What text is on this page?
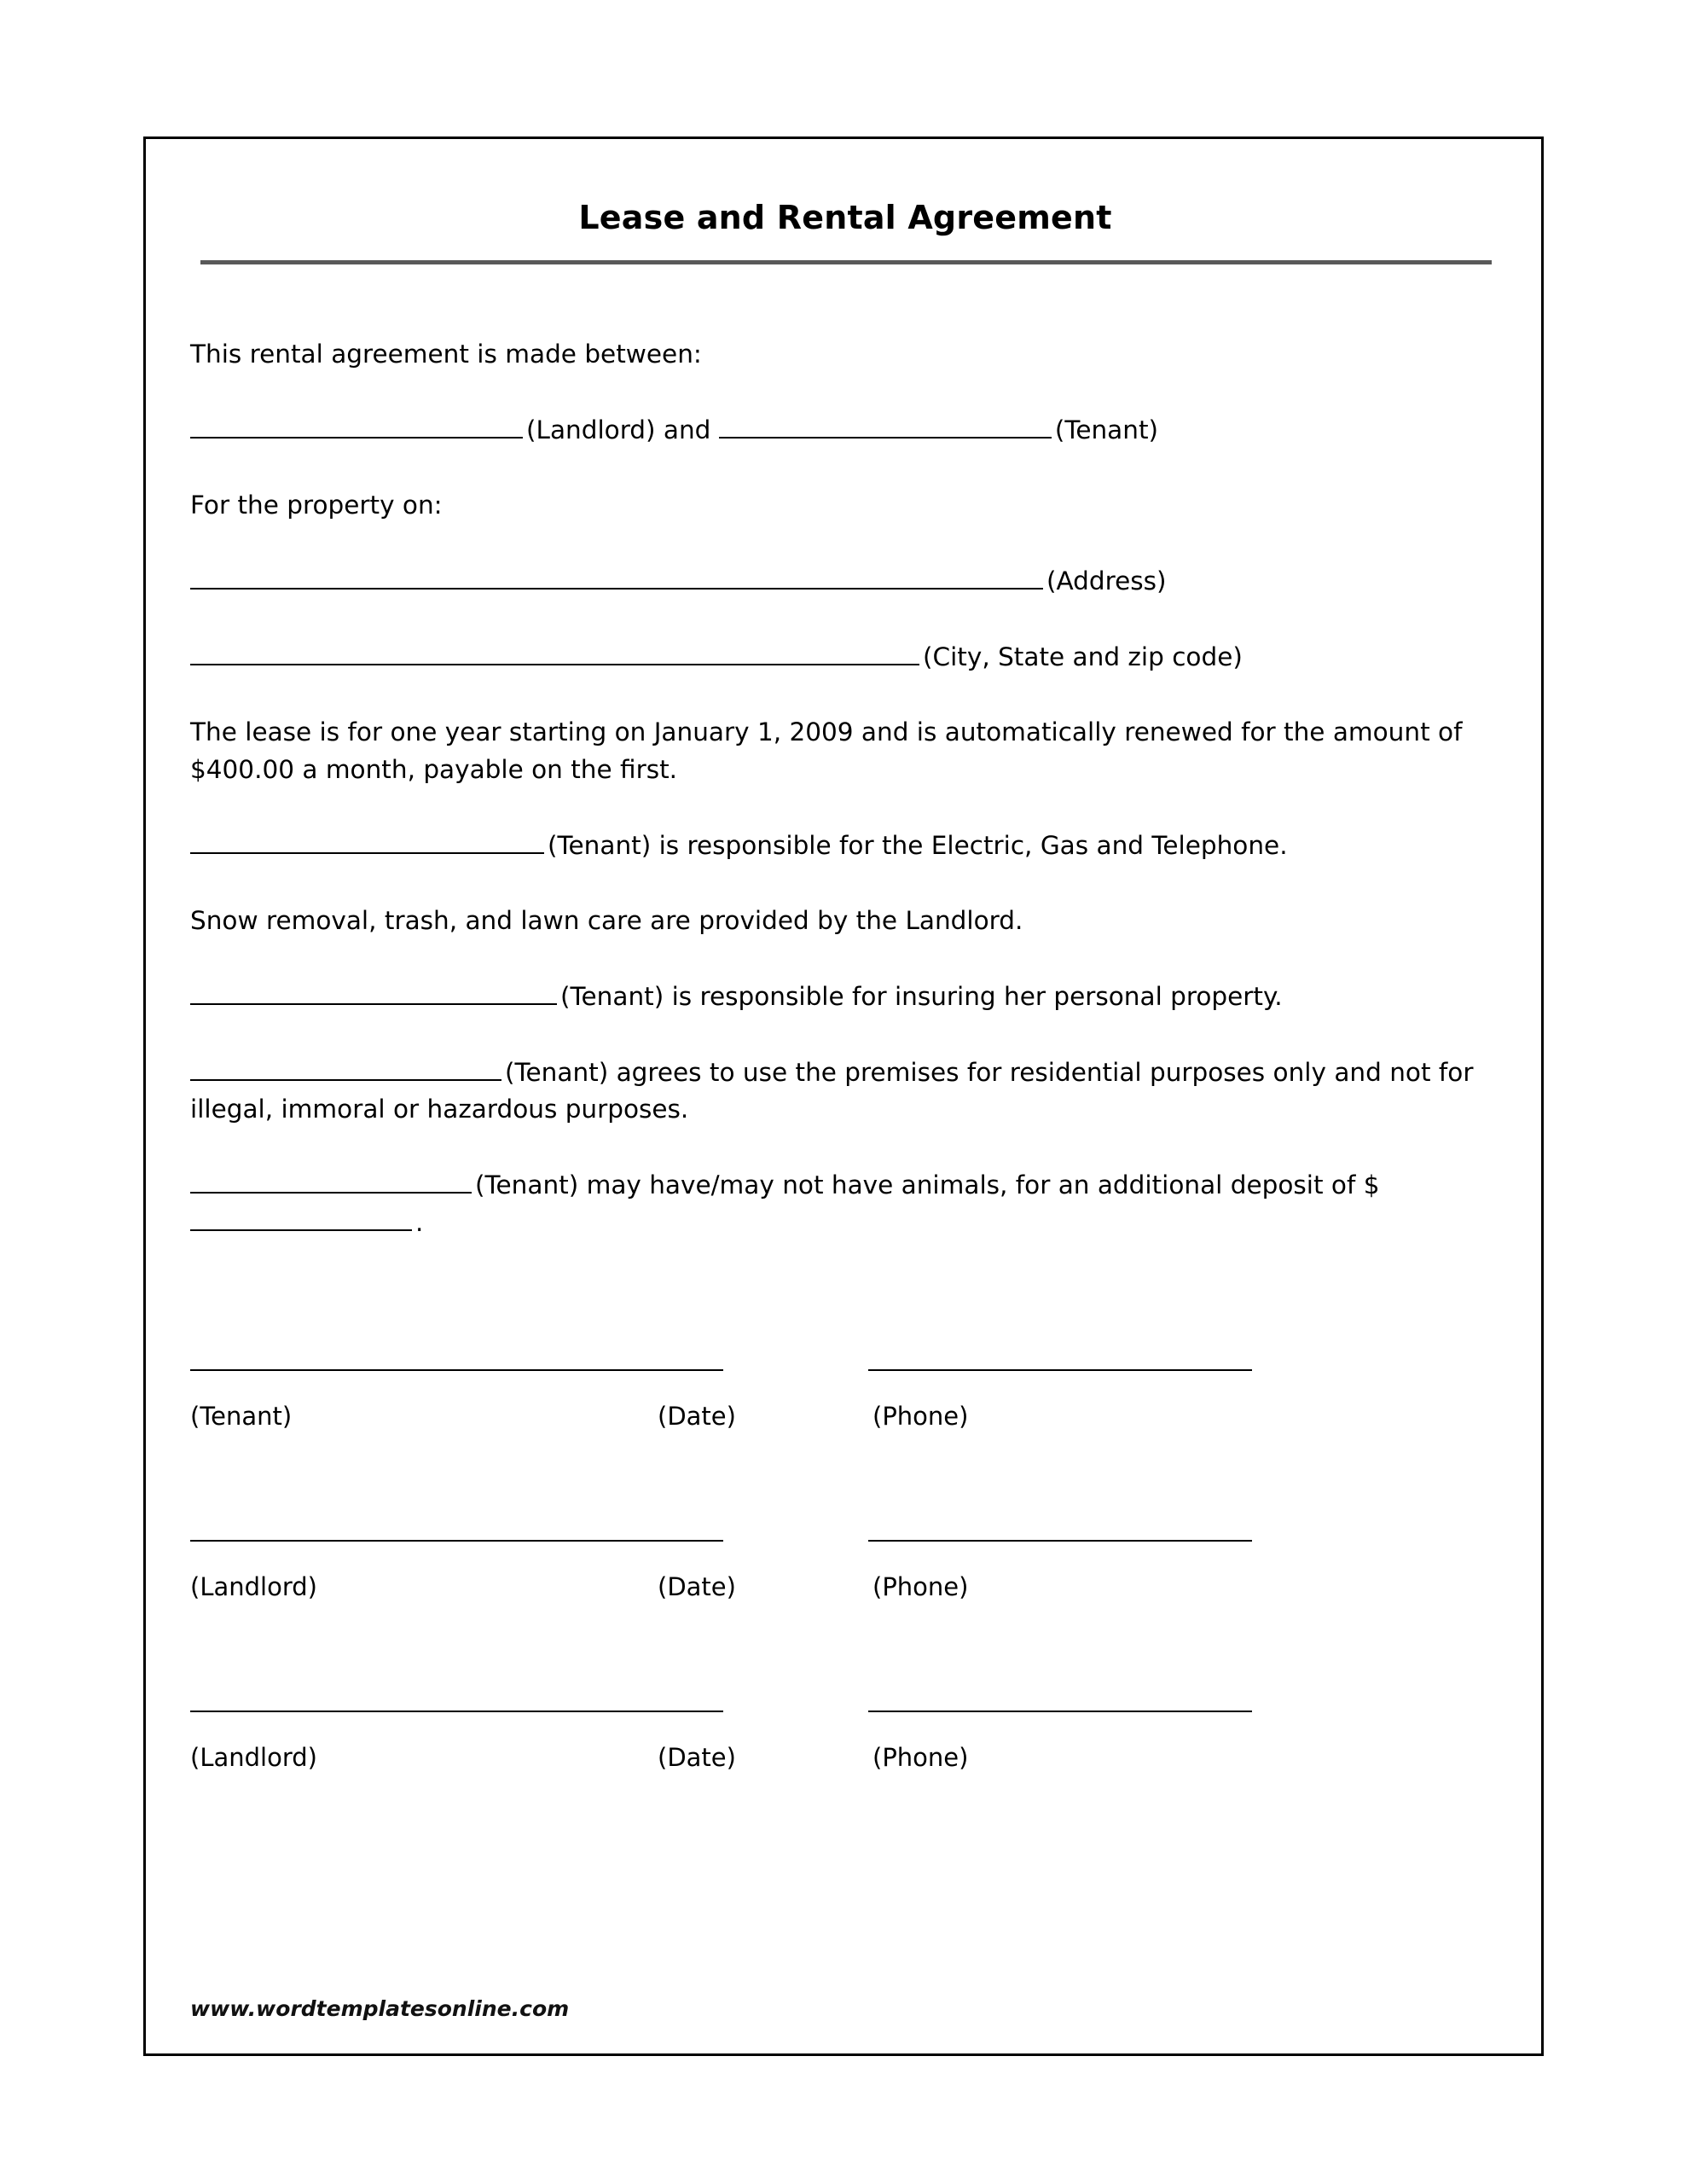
Lease and Rental Agreement

This rental agreement is made between:

(Landlord) and	(Tenant)

For the property on:

(Address)

(City, State and zip code)

The lease is for one year starting on January 1, 2009 and is automatically renewed for the amount of $400.00 a month, payable on the first.

(Tenant) is responsible for the Electric, Gas and Telephone.

Snow removal, trash, and lawn care are provided by the Landlord.

(Tenant) is responsible for insuring her personal property.

(Tenant) agrees to use the premises for residential purposes only and not for illegal, immoral or hazardous purposes.

(Tenant) may have/may not have animals, for an additional deposit of $.

(Tenant)	(Date)	(Phone)
(Landlord)	(Date)	(Phone)
(Landlord)	(Date)	(Phone)
www.wordtemplatesonline.com
